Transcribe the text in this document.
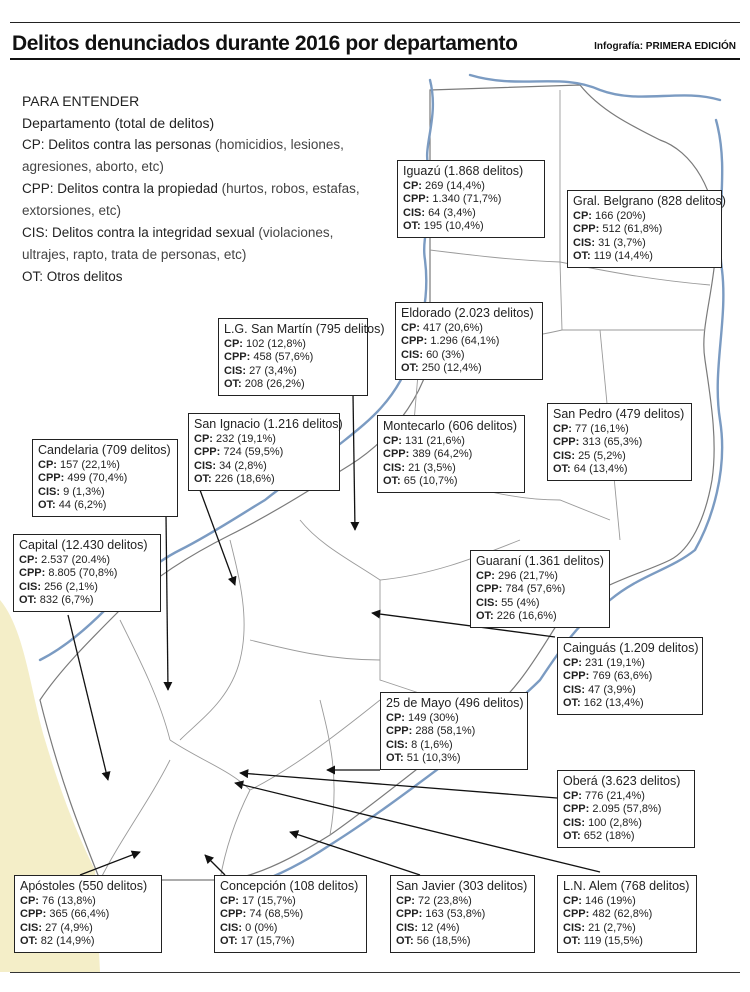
Delitos denunciados durante 2016 por departamento	Infografía: PRIMERA EDICIÓN
PARA ENTENDER
Departamento (total de delitos)
CP: Delitos contra las personas (homicidios, lesiones, agresiones, aborto, etc)
CPP: Delitos contra la propiedad (hurtos, robos, estafas, extorsiones, etc)
CIS: Delitos contra la integridad sexual (violaciones, ultrajes, rapto, trata de personas, etc)
OT: Otros delitos
Iguazú (1.868 delitos)
CP: 269 (14,4%)
CPP: 1.340 (71,7%)
CIS: 64 (3,4%)
OT: 195 (10,4%)
Gral. Belgrano (828 delitos)
CP: 166 (20%)
CPP: 512 (61,8%)
CIS: 31 (3,7%)
OT: 119 (14,4%)
Eldorado (2.023 delitos)
CP: 417 (20,6%)
CPP: 1.296 (64,1%)
CIS: 60 (3%)
OT: 250 (12,4%)
L.G. San Martín (795 delitos)
CP: 102 (12,8%)
CPP: 458 (57,6%)
CIS: 27 (3,4%)
OT: 208 (26,2%)
Montecarlo (606 delitos)
CP: 131 (21,6%)
CPP: 389 (64,2%)
CIS: 21 (3,5%)
OT: 65 (10,7%)
San Pedro (479 delitos)
CP: 77 (16,1%)
CPP: 313 (65,3%)
CIS: 25 (5,2%)
OT: 64 (13,4%)
San Ignacio (1.216 delitos)
CP: 232 (19,1%)
CPP: 724 (59,5%)
CIS: 34 (2,8%)
OT: 226 (18,6%)
Candelaria (709 delitos)
CP: 157 (22,1%)
CPP: 499 (70,4%)
CIS: 9 (1,3%)
OT: 44 (6,2%)
Capital (12.430 delitos)
CP: 2.537 (20.4%)
CPP: 8.805 (70,8%)
CIS: 256 (2,1%)
OT: 832 (6,7%)
Guaraní (1.361 delitos)
CP: 296 (21,7%)
CPP: 784 (57,6%)
CIS: 55 (4%)
OT: 226 (16,6%)
Cainguás (1.209 delitos)
CP: 231 (19,1%)
CPP: 769 (63,6%)
CIS: 47 (3,9%)
OT: 162 (13,4%)
25 de Mayo (496 delitos)
CP: 149 (30%)
CPP: 288 (58,1%)
CIS: 8 (1,6%)
OT: 51 (10,3%)
Oberá (3.623 delitos)
CP: 776 (21,4%)
CPP: 2.095 (57,8%)
CIS: 100 (2,8%)
OT: 652 (18%)
Apóstoles (550 delitos)
CP: 76 (13,8%)
CPP: 365 (66,4%)
CIS: 27 (4,9%)
OT: 82 (14,9%)
Concepción (108 delitos)
CP: 17 (15,7%)
CPP: 74 (68,5%)
CIS: 0 (0%)
OT: 17 (15,7%)
San Javier (303 delitos)
CP: 72 (23,8%)
CPP: 163 (53,8%)
CIS: 12 (4%)
OT: 56 (18,5%)
L.N. Alem (768 delitos)
CP: 146 (19%)
CPP: 482 (62,8%)
CIS: 21 (2,7%)
OT: 119 (15,5%)
